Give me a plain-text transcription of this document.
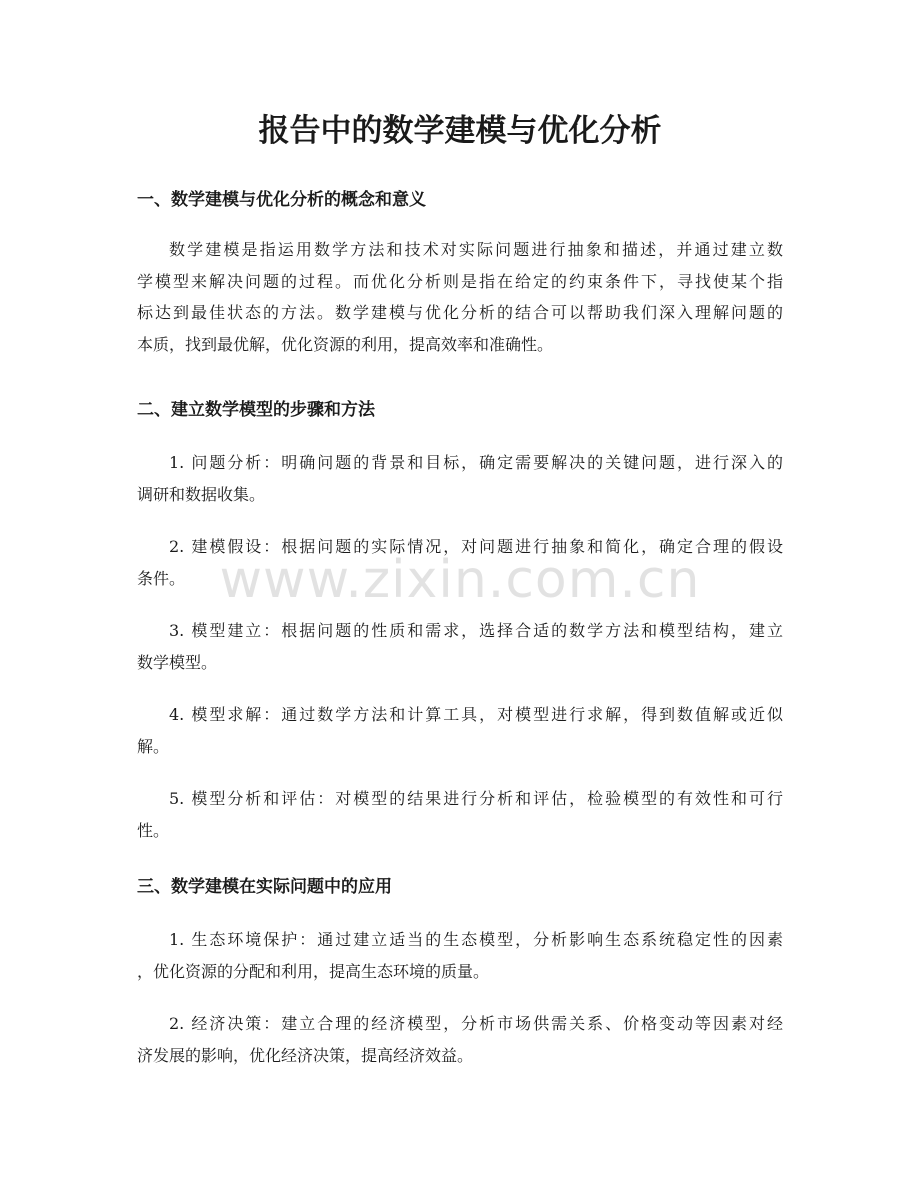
报告中的数学建模与优化分析
一、数学建模与优化分析的概念和意义

数学建模是指运用数学方法和技术对实际问题进行抽象和描述，并通过建立数
学模型来解决问题的过程。而优化分析则是指在给定的约束条件下，寻找使某个指
标达到最佳状态的方法。数学建模与优化分析的结合可以帮助我们深入理解问题的
本质，找到最优解，优化资源的利用，提高效率和准确性。

二、建立数学模型的步骤和方法

1. 问题分析：明确问题的背景和目标，确定需要解决的关键问题，进行深入的
调研和数据收集。

2. 建模假设：根据问题的实际情况，对问题进行抽象和简化，确定合理的假设
条件。

3. 模型建立：根据问题的性质和需求，选择合适的数学方法和模型结构，建立
数学模型。

4. 模型求解：通过数学方法和计算工具，对模型进行求解，得到数值解或近似
解。

5. 模型分析和评估：对模型的结果进行分析和评估，检验模型的有效性和可行
性。

三、数学建模在实际问题中的应用

1. 生态环境保护：通过建立适当的生态模型，分析影响生态系统稳定性的因素
，优化资源的分配和利用，提高生态环境的质量。

2. 经济决策：建立合理的经济模型，分析市场供需关系、价格变动等因素对经
济发展的影响，优化经济决策，提高经济效益。

www.zixin.com.cn
